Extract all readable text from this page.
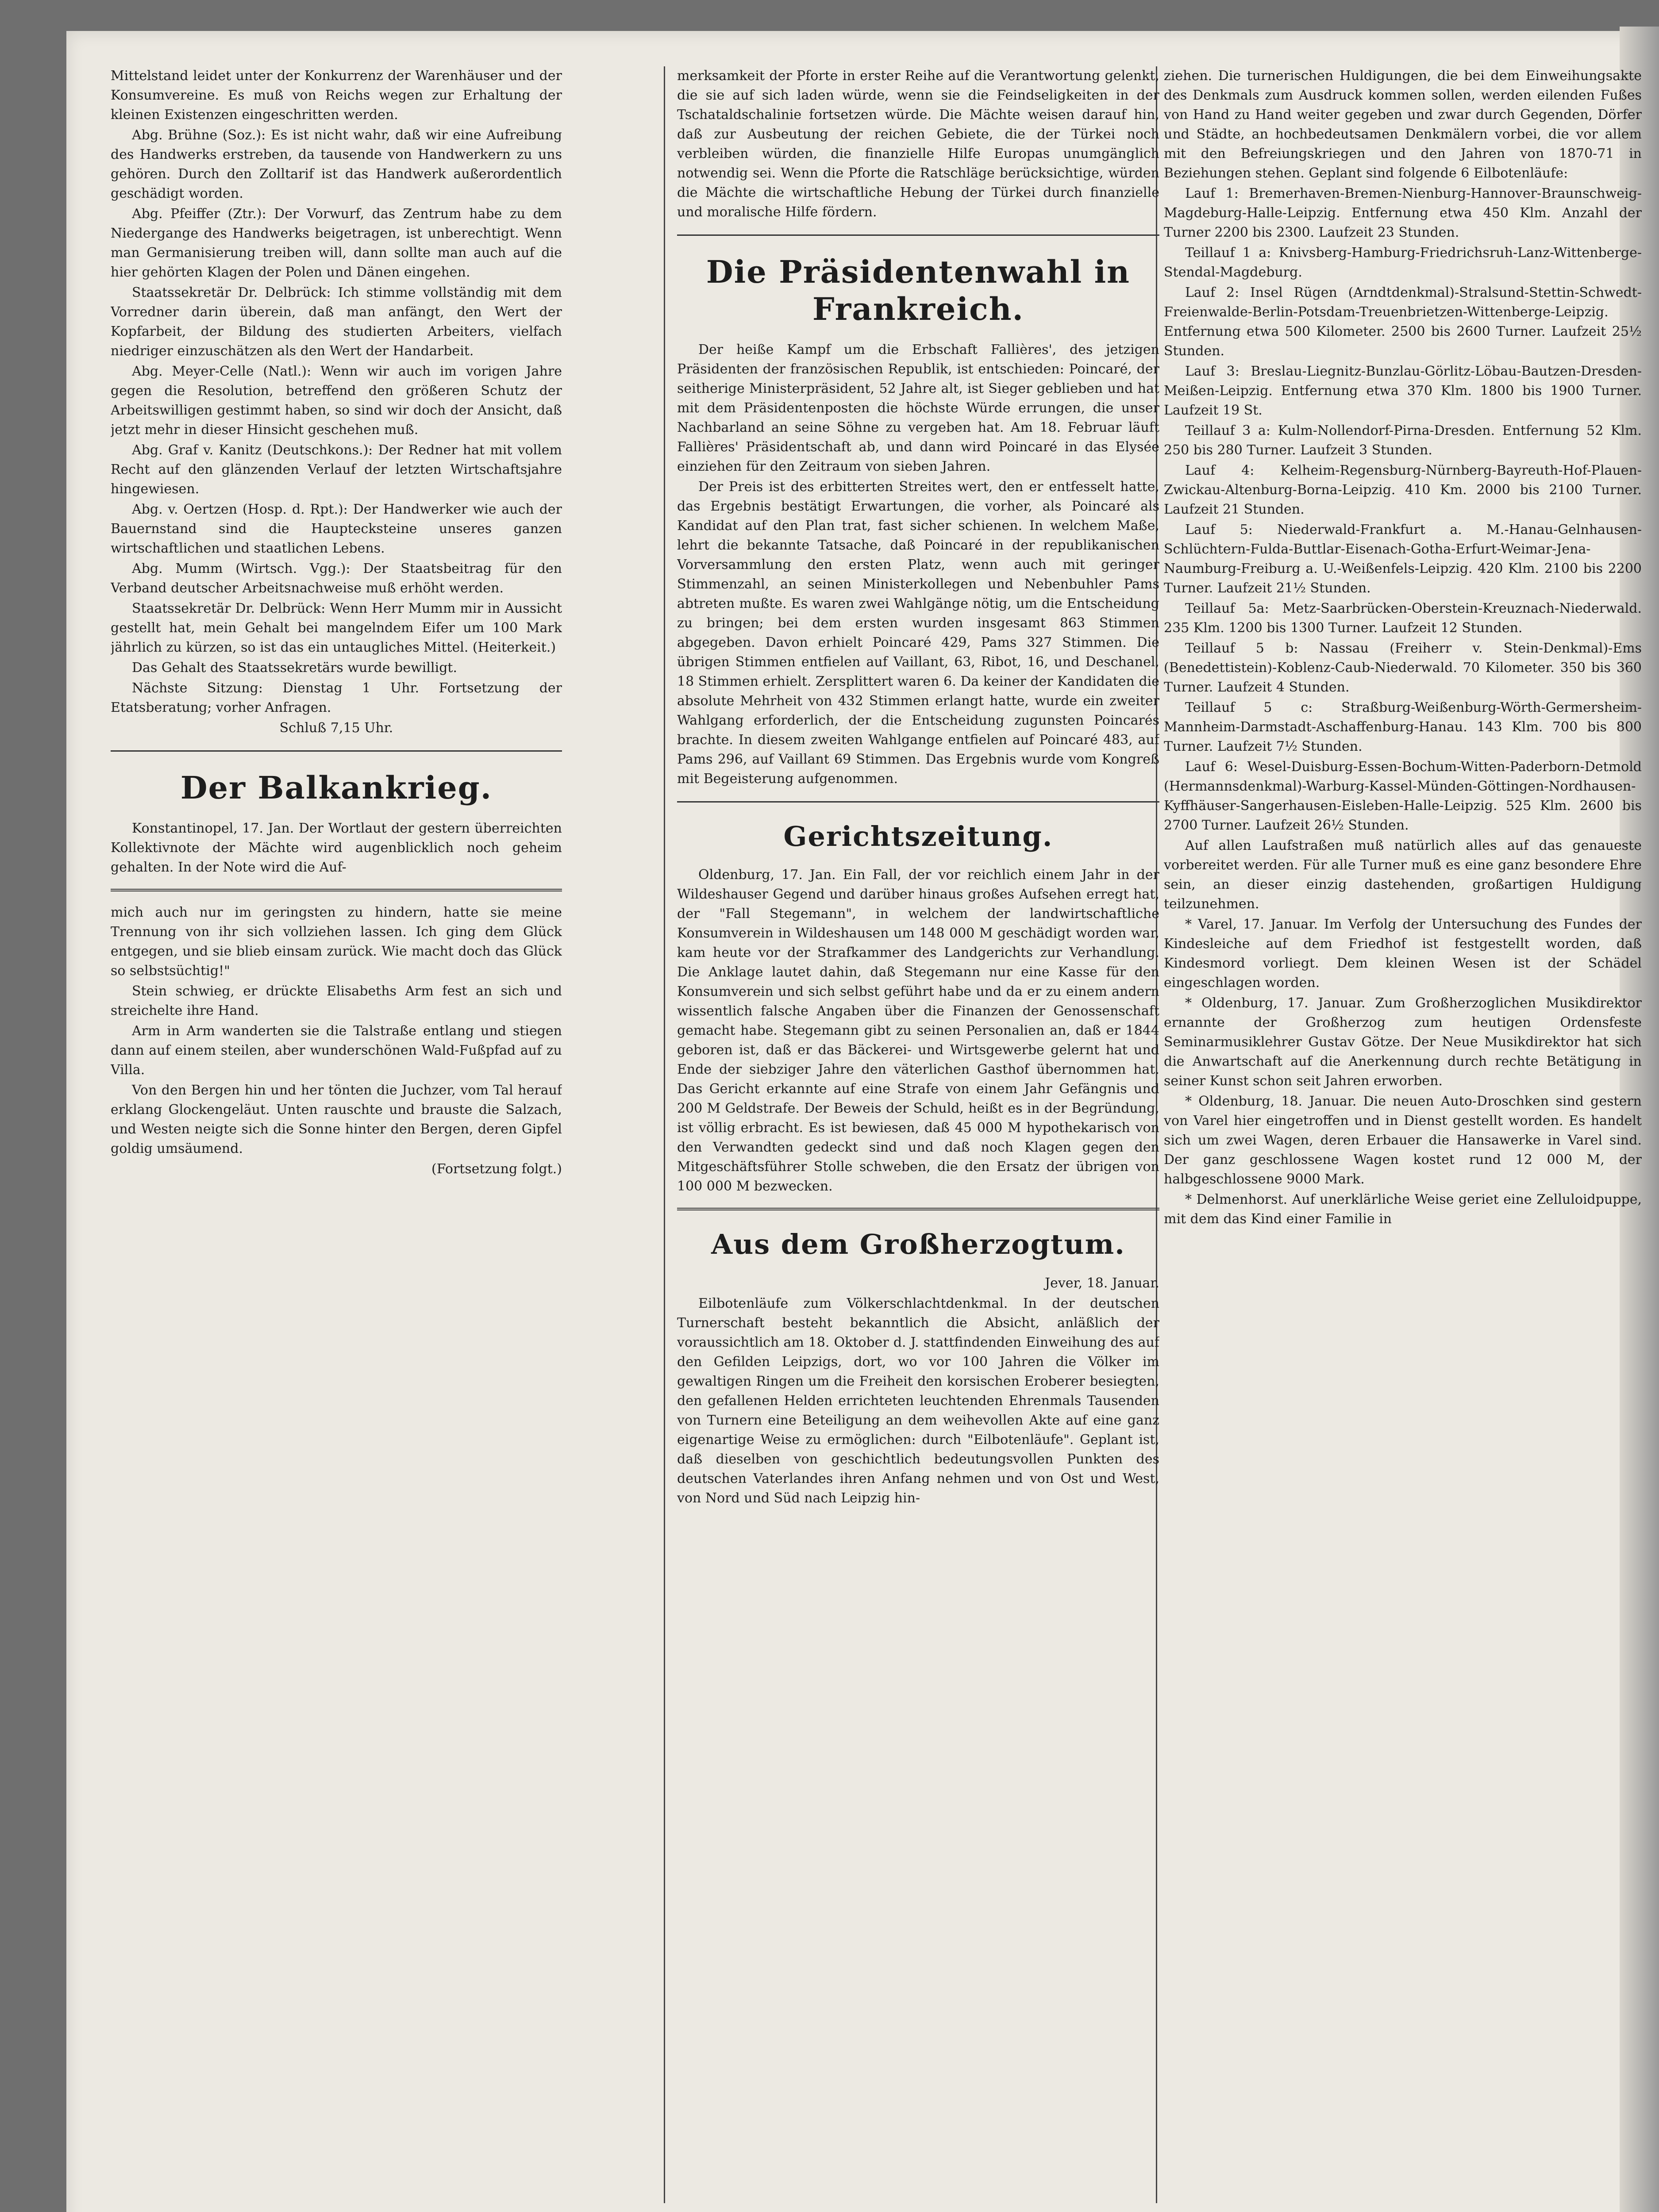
Mittelstand leidet unter der Konkurrenz der Warenhäuser und der Konsumvereine. Es muß von Reichs wegen zur Erhaltung der kleinen Existenzen eingeschritten werden.

Abg. Brühne (Soz.): Es ist nicht wahr, daß wir eine Aufreibung des Handwerks erstreben, da tausende von Handwerkern zu uns gehören. Durch den Zolltarif ist das Handwerk außerordentlich geschädigt worden.

Abg. Pfeiffer (Ztr.): Der Vorwurf, das Zentrum habe zu dem Niedergange des Handwerks beigetragen, ist unberechtigt. Wenn man Germanisierung treiben will, dann sollte man auch auf die hier gehörten Klagen der Polen und Dänen eingehen.

Staatssekretär Dr. Delbrück: Ich stimme vollständig mit dem Vorredner darin überein, daß man anfängt, den Wert der Kopfarbeit, der Bildung des studierten Arbeiters, vielfach niedriger einzuschätzen als den Wert der Handarbeit.

Abg. Meyer-Celle (Natl.): Wenn wir auch im vorigen Jahre gegen die Resolution, betreffend den größeren Schutz der Arbeitswilligen gestimmt haben, so sind wir doch der Ansicht, daß jetzt mehr in dieser Hinsicht geschehen muß.

Abg. Graf v. Kanitz (Deutschkons.): Der Redner hat mit vollem Recht auf den glänzenden Verlauf der letzten Wirtschaftsjahre hingewiesen.

Abg. v. Oertzen (Hosp. d. Rpt.): Der Handwerker wie auch der Bauernstand sind die Hauptecksteine unseres ganzen wirtschaftlichen und staatlichen Lebens.

Abg. Mumm (Wirtsch. Vgg.): Der Staatsbeitrag für den Verband deutscher Arbeitsnachweise muß erhöht werden.

Staatssekretär Dr. Delbrück: Wenn Herr Mumm mir in Aussicht gestellt hat, mein Gehalt bei mangelndem Eifer um 100 Mark jährlich zu kürzen, so ist das ein untaugliches Mittel. (Heiterkeit.)

Das Gehalt des Staatssekretärs wurde bewilligt.

Nächste Sitzung: Dienstag 1 Uhr. Fortsetzung der Etatsberatung; vorher Anfragen.

Schluß 7,15 Uhr.

Der Balkankrieg.

Konstantinopel, 17. Jan. Der Wortlaut der gestern überreichten Kollektivnote der Mächte wird augenblicklich noch geheim gehalten. In der Note wird die Auf-

mich auch nur im geringsten zu hindern, hatte sie meine Trennung von ihr sich vollziehen lassen. Ich ging dem Glück entgegen, und sie blieb einsam zurück. Wie macht doch das Glück so selbstsüchtig!"

Stein schwieg, er drückte Elisabeths Arm fest an sich und streichelte ihre Hand.

Arm in Arm wanderten sie die Talstraße entlang und stiegen dann auf einem steilen, aber wunderschönen Wald-Fußpfad auf zu Villa.

Von den Bergen hin und her tönten die Juchzer, vom Tal herauf erklang Glockengeläut. Unten rauschte und brauste die Salzach, und Westen neigte sich die Sonne hinter den Bergen, deren Gipfel goldig umsäumend.

(Fortsetzung folgt.)

merksamkeit der Pforte in erster Reihe auf die Verantwortung gelenkt, die sie auf sich laden würde, wenn sie die Feindseligkeiten in der Tschataldschalinie fortsetzen würde. Die Mächte weisen darauf hin, daß zur Ausbeutung der reichen Gebiete, die der Türkei noch verbleiben würden, die finanzielle Hilfe Europas unumgänglich notwendig sei. Wenn die Pforte die Ratschläge berücksichtige, würden die Mächte die wirtschaftliche Hebung der Türkei durch finanzielle und moralische Hilfe fördern.

Die Präsidentenwahl in Frankreich.

Der heiße Kampf um die Erbschaft Fallières', des jetzigen Präsidenten der französischen Republik, ist entschieden: Poincaré, der seitherige Ministerpräsident, 52 Jahre alt, ist Sieger geblieben und hat mit dem Präsidentenposten die höchste Würde errungen, die unser Nachbarland an seine Söhne zu vergeben hat. Am 18. Februar läuft Fallières' Präsidentschaft ab, und dann wird Poincaré in das Elysée einziehen für den Zeitraum von sieben Jahren.

Der Preis ist des erbitterten Streites wert, den er entfesselt hatte, das Ergebnis bestätigt Erwartungen, die vorher, als Poincaré als Kandidat auf den Plan trat, fast sicher schienen. In welchem Maße, lehrt die bekannte Tatsache, daß Poincaré in der republikanischen Vorversammlung den ersten Platz, wenn auch mit geringer Stimmenzahl, an seinen Ministerkollegen und Nebenbuhler Pams abtreten mußte. Es waren zwei Wahlgänge nötig, um die Entscheidung zu bringen; bei dem ersten wurden insgesamt 863 Stimmen abgegeben. Davon erhielt Poincaré 429, Pams 327 Stimmen. Die übrigen Stimmen entfielen auf Vaillant, 63, Ribot, 16, und Deschanel, 18 Stimmen erhielt. Zersplittert waren 6. Da keiner der Kandidaten die absolute Mehrheit von 432 Stimmen erlangt hatte, wurde ein zweiter Wahlgang erforderlich, der die Entscheidung zugunsten Poincarés brachte. In diesem zweiten Wahlgange entfielen auf Poincaré 483, auf Pams 296, auf Vaillant 69 Stimmen. Das Ergebnis wurde vom Kongreß mit Begeisterung aufgenommen.

Gerichtszeitung.

Oldenburg, 17. Jan. Ein Fall, der vor reichlich einem Jahr in der Wildeshauser Gegend und darüber hinaus großes Aufsehen erregt hat, der "Fall Stegemann", in welchem der landwirtschaftliche Konsumverein in Wildeshausen um 148 000 M geschädigt worden war, kam heute vor der Strafkammer des Landgerichts zur Verhandlung. Die Anklage lautet dahin, daß Stegemann nur eine Kasse für den Konsumverein und sich selbst geführt habe und da er zu einem andern wissentlich falsche Angaben über die Finanzen der Genossenschaft gemacht habe. Stegemann gibt zu seinen Personalien an, daß er 1844 geboren ist, daß er das Bäckerei- und Wirtsgewerbe gelernt hat und Ende der siebziger Jahre den väterlichen Gasthof übernommen hat. Das Gericht erkannte auf eine Strafe von einem Jahr Gefängnis und 200 M Geldstrafe. Der Beweis der Schuld, heißt es in der Begründung, ist völlig erbracht. Es ist bewiesen, daß 45 000 M hypothekarisch von den Verwandten gedeckt sind und daß noch Klagen gegen den Mitgeschäftsführer Stolle schweben, die den Ersatz der übrigen von 100 000 M bezwecken.

Aus dem Großherzogtum.

Jever, 18. Januar.

Eilbotenläufe zum Völkerschlachtdenkmal. In der deutschen Turnerschaft besteht bekanntlich die Absicht, anläßlich der voraussichtlich am 18. Oktober d. J. stattfindenden Einweihung des auf den Gefilden Leipzigs, dort, wo vor 100 Jahren die Völker im gewaltigen Ringen um die Freiheit den korsischen Eroberer besiegten, den gefallenen Helden errichteten leuchtenden Ehrenmals Tausenden von Turnern eine Beteiligung an dem weihevollen Akte auf eine ganz eigenartige Weise zu ermöglichen: durch "Eilbotenläufe". Geplant ist, daß dieselben von geschichtlich bedeutungsvollen Punkten des deutschen Vaterlandes ihren Anfang nehmen und von Ost und West, von Nord und Süd nach Leipzig hin-

ziehen. Die turnerischen Huldigungen, die bei dem Einweihungsakte des Denkmals zum Ausdruck kommen sollen, werden eilenden Fußes von Hand zu Hand weiter gegeben und zwar durch Gegenden, Dörfer und Städte, an hochbedeutsamen Denkmälern vorbei, die vor allem mit den Befreiungskriegen und den Jahren von 1870-71 in Beziehungen stehen. Geplant sind folgende 6 Eilbotenläufe:

Lauf 1: Bremerhaven-Bremen-Nienburg-Hannover-Braunschweig-Magdeburg-Halle-Leipzig. Entfernung etwa 450 Klm. Anzahl der Turner 2200 bis 2300. Laufzeit 23 Stunden.

Teillauf 1 a: Knivsberg-Hamburg-Friedrichsruh-Lanz-Wittenberge-Stendal-Magdeburg.

Lauf 2: Insel Rügen (Arndtdenkmal)-Stralsund-Stettin-Schwedt-Freienwalde-Berlin-Potsdam-Treuenbrietzen-Wittenberge-Leipzig. Entfernung etwa 500 Kilometer. 2500 bis 2600 Turner. Laufzeit 25½ Stunden.

Lauf 3: Breslau-Liegnitz-Bunzlau-Görlitz-Löbau-Bautzen-Dresden-Meißen-Leipzig. Entfernung etwa 370 Klm. 1800 bis 1900 Turner. Laufzeit 19 St.

Teillauf 3 a: Kulm-Nollendorf-Pirna-Dresden. Entfernung 52 Klm. 250 bis 280 Turner. Laufzeit 3 Stunden.

Lauf 4: Kelheim-Regensburg-Nürnberg-Bayreuth-Hof-Plauen-Zwickau-Altenburg-Borna-Leipzig. 410 Km. 2000 bis 2100 Turner. Laufzeit 21 Stunden.

Lauf 5: Niederwald-Frankfurt a. M.-Hanau-Gelnhausen-Schlüchtern-Fulda-Buttlar-Eisenach-Gotha-Erfurt-Weimar-Jena-Naumburg-Freiburg a. U.-Weißenfels-Leipzig. 420 Klm. 2100 bis 2200 Turner. Laufzeit 21½ Stunden.

Teillauf 5a: Metz-Saarbrücken-Oberstein-Kreuznach-Niederwald. 235 Klm. 1200 bis 1300 Turner. Laufzeit 12 Stunden.

Teillauf 5 b: Nassau (Freiherr v. Stein-Denkmal)-Ems (Benedettistein)-Koblenz-Caub-Niederwald. 70 Kilometer. 350 bis 360 Turner. Laufzeit 4 Stunden.

Teillauf 5 c: Straßburg-Weißenburg-Wörth-Germersheim-Mannheim-Darmstadt-Aschaffenburg-Hanau. 143 Klm. 700 bis 800 Turner. Laufzeit 7½ Stunden.

Lauf 6: Wesel-Duisburg-Essen-Bochum-Witten-Paderborn-Detmold (Hermannsdenkmal)-Warburg-Kassel-Münden-Göttingen-Nordhausen-Kyffhäuser-Sangerhausen-Eisleben-Halle-Leipzig. 525 Klm. 2600 bis 2700 Turner. Laufzeit 26½ Stunden.

Auf allen Laufstraßen muß natürlich alles auf das genaueste vorbereitet werden. Für alle Turner muß es eine ganz besondere Ehre sein, an dieser einzig dastehenden, großartigen Huldigung teilzunehmen.

* Varel, 17. Januar. Im Verfolg der Untersuchung des Fundes der Kindesleiche auf dem Friedhof ist festgestellt worden, daß Kindesmord vorliegt. Dem kleinen Wesen ist der Schädel eingeschlagen worden.

* Oldenburg, 17. Januar. Zum Großherzoglichen Musikdirektor ernannte der Großherzog zum heutigen Ordensfeste Seminarmusiklehrer Gustav Götze. Der Neue Musikdirektor hat sich die Anwartschaft auf die Anerkennung durch rechte Betätigung in seiner Kunst schon seit Jahren erworben.

* Oldenburg, 18. Januar. Die neuen Auto-Droschken sind gestern von Varel hier eingetroffen und in Dienst gestellt worden. Es handelt sich um zwei Wagen, deren Erbauer die Hansawerke in Varel sind. Der ganz geschlossene Wagen kostet rund 12 000 M, der halbgeschlossene 9000 Mark.

* Delmenhorst. Auf unerklärliche Weise geriet eine Zelluloidpuppe, mit dem das Kind einer Familie in
